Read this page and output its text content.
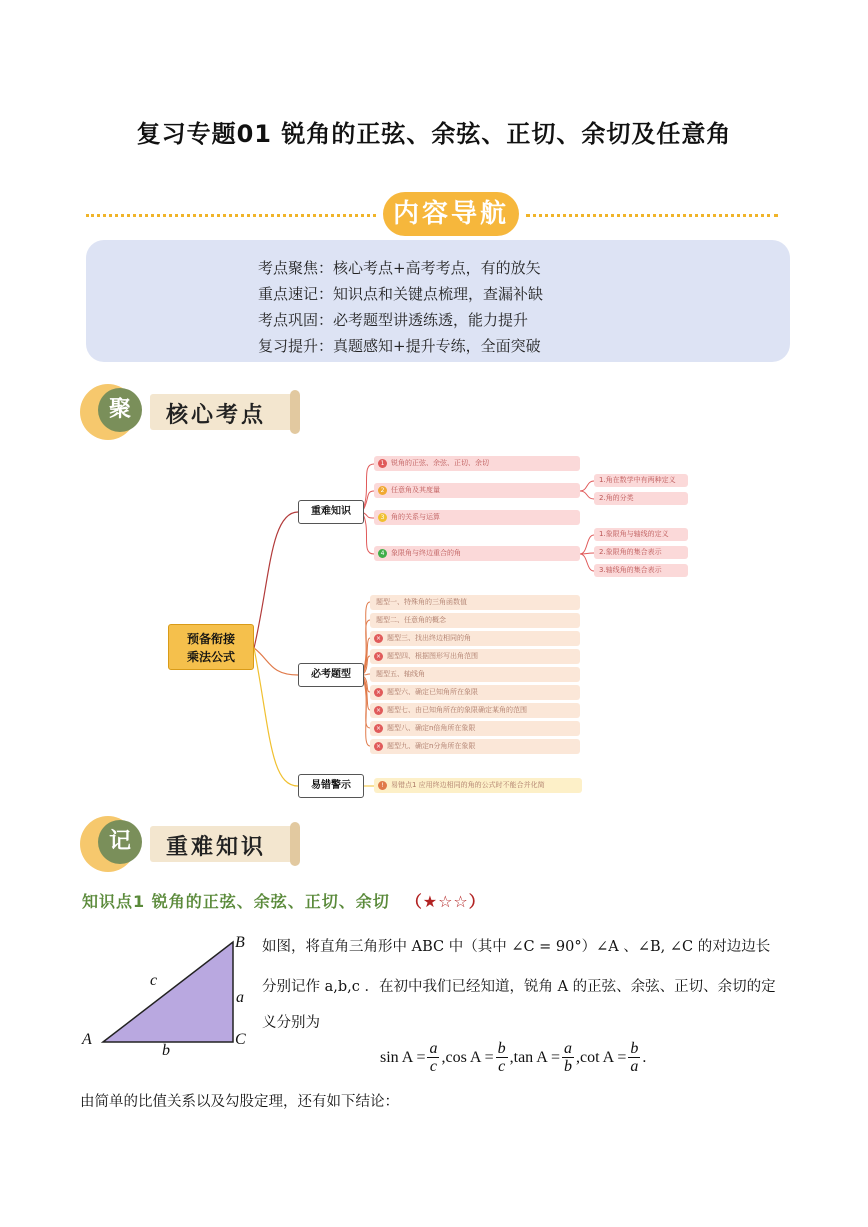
复习专题01 锐角的正弦、余弦、正切、余切及任意角
内容导航
考点聚焦：核心考点+高考考点，有的放矢
重点速记：知识点和关键点梳理，查漏补缺
考点巩固：必考题型讲透练透，能力提升
复习提升：真题感知+提升专练，全面突破
聚	核心考点
预备衔接
乘法公式
重难知识
必考题型
易错警示
1 锐角的正弦、余弦、正切、余切
2 任意角及其度量
3 角的关系与运算
4 象限角与终边重合的角
1.角在数学中有两种定义
2.角的分类
1.象限角与轴线的定义
2.象限角的集合表示
3.轴线角的集合表示
题型一、特殊角的三角函数值
题型二、任意角的概念
× 题型三、找出终边相同的角
× 题型四、根据图形写出角范围
题型五、轴线角
× 题型六、确定已知角所在象限
× 题型七、由已知角所在的象限确定某角的范围
× 题型八、确定n倍角所在象限
× 题型九、确定n分角所在象限
!	易错点1 应用终边相同的角的公式时不能合并化简
记	重难知识
知识点1 锐角的正弦、余弦、正切、余切 （★☆☆）
B
A	C
c
a
b
如图，将直角三角形中 ABC 中（其中 ∠C = 90°）∠A 、∠B, ∠C 的对边边长
分别记作 a,b,c ．在初中我们已经知道，锐角 A 的正弦、余弦、正切、余切的定
义分别为
$\sin A = \frac{a}{c} ,\cos$ $A = \frac{b}{c} ,\tan$ $A = \frac{a}{b} ,\cot$ $A = \frac{b}{a}$ .
由简单的比值关系以及勾股定理，还有如下结论：
